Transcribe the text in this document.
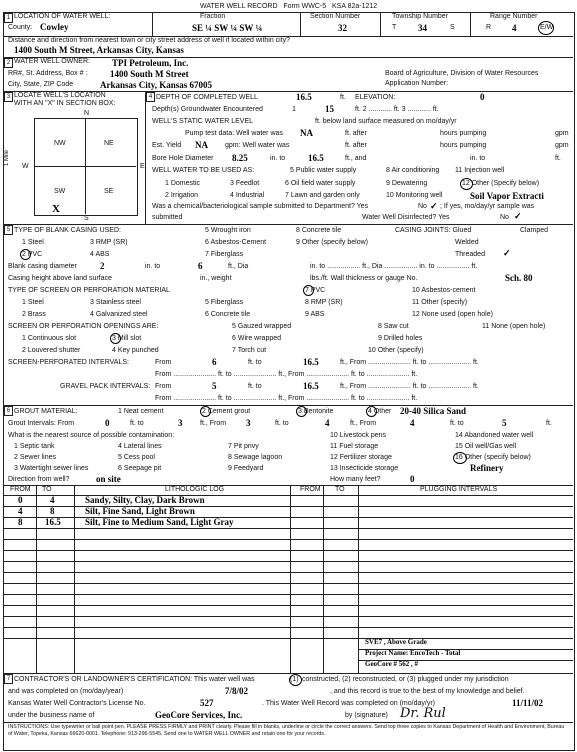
WATER WELL RECORD Form WWC-5 KSA 82a-1212
1 LOCATION OF WATER WELL:
County: Cowley
Fraction
SE ¼ SW ¼ SW ¼
Section Number
32
Township Number
T 34	S
Range Number
R 4	E/W
Distance and direction from nearest town or city street address of well if located within city?
1400 South M Street, Arkansas City, Kansas
2 WATER WELL OWNER: TPI Petroleum, Inc.
RR#, St. Address, Box # :	1400 South M Street
City, State, ZIP Code	Arkansas City, Kansas 67005
Board of Agriculture, Division of Water Resources
Application Number:
3 LOCATE WELL'S LOCATION
WITH AN "X" IN SECTION BOX:
N
S
W	E
1 Mile
NW	NE
SW	SE
X
4 DEPTH OF COMPLETED WELL	16.5	ft. ELEVATION:	0
Depth(s) Groundwater Encountered	1	15	ft. 2 ............ ft. 3 ............ ft.
WELL'S STATIC WATER LEVEL	ft. below land surface measured on mo/day/yr
Pump test data: Well water was NA	ft. after	hours pumping	gpm
Est. Yield NA gpm: Well water was	ft. after	hours pumping	gpm
Bore Hole Diameter 8.25	in. to	16.5	ft., and	in. to	ft.
WELL WATER TO BE USED AS:	5 Public water supply	8 Air conditioning 11 Injection well
1 Domestic	3 Feedlot	6 Oil field water supply	9 Dewatering	12 Other (Specify below)
2 Irrigation	4 Industrial	7 Lawn and garden only	10 Monitoring well	Soil Vapor Extracti
Was a chemical/bacteriological sample submitted to Department? Yes	No ✓ ; If yes, mo/day/yr sample was
submitted	Water Well Disinfected? Yes	No ✓
5 TYPE OF BLANK CASING USED:	5 Wrought iron	8 Concrete tile	CASING JOINTS: Glued	Clamped
1 Steel	3 RMP (SR)	6 Asbestos-Cement	9 Other (specify below)	Welded
2 PVC	4 ABS	7 Fiberglass	Threaded ✓
Blank casing diameter	2	in. to	6	ft., Dia	in. to ................. ft., Dia ................. in. to ................. ft.
Casing height above land surface	in., weight	lbs./ft. Wall thickness or gauge No.	Sch. 80
TYPE OF SCREEN OR PERFORATION MATERIAL	7 PVC
1 Steel	3 Stainless steel	5 Fiberglass	8 RMP (SR)
10 Asbestos-cement
11 Other (specify)
2 Brass	4 Galvanized steel	6 Concrete tile	9 ABS	12 None used (open hole)
SCREEN OR PERFORATION OPENINGS ARE:	8 Saw cut	11 None (open hole)
1 Continuous slot	3 Mill slot
5 Gauzed wrapped
6 Wire wrapped	9 Drilled holes
2 Louvered shutter	4 Key punched	7 Torch cut	10 Other (specify)
SCREEN-PERFORATED INTERVALS:	From	6	ft. to	16.5	ft., From ...................... ft. to ...................... ft.
From ...................... ft. to ...................... ft., From ...................... ft. to ...................... ft.
GRAVEL PACK INTERVALS: From	5	ft. to	16.5	ft., From ...................... ft. to ...................... ft.
From ...................... ft. to ...................... ft., From ...................... ft. to ...................... ft.
6 GROUT MATERIAL:	1 Neat cement	2 Cement grout	3 Bentonite	4 Other 20-40 Silica Sand
Grout Intervals: From	0	ft. to	3	ft., From 3	ft. to	4	ft., From	4	ft. to	5	ft.
What is the nearest source of possible contamination:	10 Livestock pens	14 Abandoned water well
1 Septic tank	4 Lateral lines	7 Pit privy	11 Fuel storage	15 Oil well/Gas well
2 Sewer lines	5 Cess pool	8 Sewage lagoon	12 Fertilizer storage	16 Other (specify below)
3 Watertight sewer lines	6 Seepage pit	9 Feedyard	13 Insecticide storage	Refinery
Direction from well?	on site	How many feet?	0
FROM TO	LITHOLOGIC LOG	FROM TO	PLUGGING INTERVALS
0	4	Sandy, Silty, Clay, Dark Brown
4	8	Silt, Fine Sand, Light Brown
8	16.5	Silt, Fine to Medium Sand, Light Gray
SVE7 , Above Grade
Project Name: EncoTech - Total
GeoCore # 562 , #
7 CONTRACTOR'S OR LANDOWNER'S CERTIFICATION: This water well was	(1) constructed, (2) reconstructed, or (3) plugged under my jurisdiction
and was completed on (mo/day/year)	7/8/02	, and this record is true to the best of my knowledge and belief.
Kansas Water Well Contractor's License No.	527	. This Water Well Record was completed on (mo/day/yr)	11/11/02
under the business name of	GeoCore Services, Inc.	by (signature) Dr. Rul
INSTRUCTIONS: Use typewriter or ball point pen. PLEASE PRESS FIRMLY and PRINT clearly. Please fill in blanks, underline or circle the correct answers. Send top three copies to Kansas Department of Health and Environment, Bureau of Water, Topeka, Kansas 66620-0001. Telephone: 913-296-5545. Send one to WATER WELL OWNER and retain one for your records.
